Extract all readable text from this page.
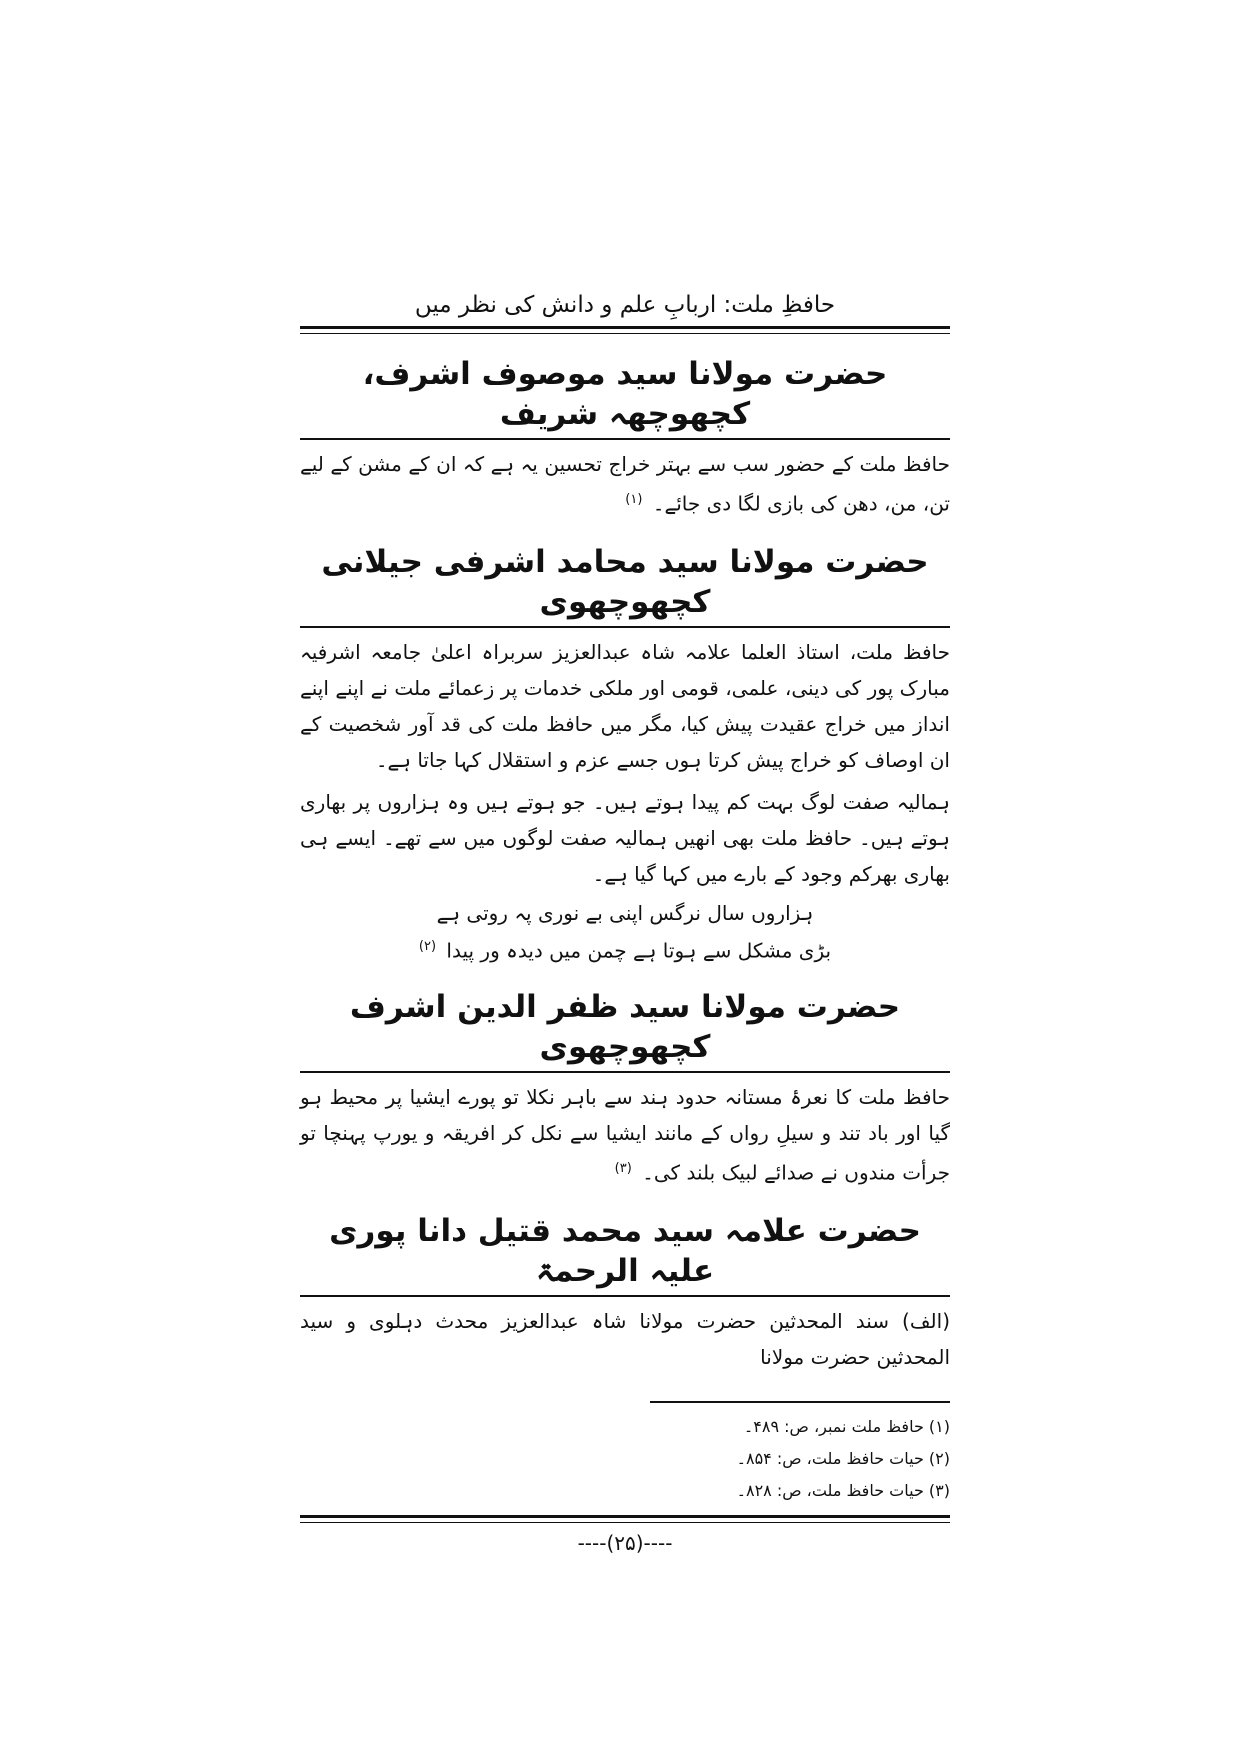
حافظِ ملت: اربابِ علم و دانش کی نظر میں
حضرت مولانا سید موصوف اشرف، کچھوچھہ شریف
حافظ ملت کے حضور سب سے بہتر خراج تحسین یہ ہے کہ ان کے مشن کے لیے تن، من، دھن کی بازی لگا دی جائے۔ $^{(۱)}$
حضرت مولانا سید محامد اشرفی جیلانی کچھوچھوی
حافظ ملت، استاذ العلما علامہ شاہ عبدالعزیز سربراہ اعلیٰ جامعہ اشرفیہ مبارک پور کی دینی، علمی، قومی اور ملکی خدمات پر زعمائے ملت نے اپنے اپنے انداز میں خراج عقیدت پیش کیا، مگر میں حافظ ملت کی قد آور شخصیت کے ان اوصاف کو خراج پیش کرتا ہوں جسے عزم و استقلال کہا جاتا ہے۔
ہمالیہ صفت لوگ بہت کم پیدا ہوتے ہیں۔ جو ہوتے ہیں وہ ہزاروں پر بھاری ہوتے ہیں۔ حافظ ملت بھی انھیں ہمالیہ صفت لوگوں میں سے تھے۔ ایسے ہی بھاری بھرکم وجود کے بارے میں کہا گیا ہے۔
ہزاروں سال نرگس اپنی بے نوری پہ روتی ہے
بڑی مشکل سے ہوتا ہے چمن میں دیدہ ور پیدا $^{(۲)}$
حضرت مولانا سید ظفر الدین اشرف کچھوچھوی
حافظ ملت کا نعرۂ مستانہ حدود ہند سے باہر نکلا تو پورے ایشیا پر محیط ہو گیا اور باد تند و سیلِ رواں کے مانند ایشیا سے نکل کر افریقہ و یورپ پہنچا تو جرأت مندوں نے صدائے لبیک بلند کی۔ $^{(۳)}$
حضرت علامہ سید محمد قتیل دانا پوری علیہ الرحمۃ
(الف) سند المحدثین حضرت مولانا شاہ عبدالعزیز محدث دہلوی و سید المحدثین حضرت مولانا
(۱) حافظ ملت نمبر، ص: ۴۸۹۔
(۲) حیات حافظ ملت، ص: ۸۵۴۔
(۳) حیات حافظ ملت، ص: ۸۲۸۔
----(۲۵)----
